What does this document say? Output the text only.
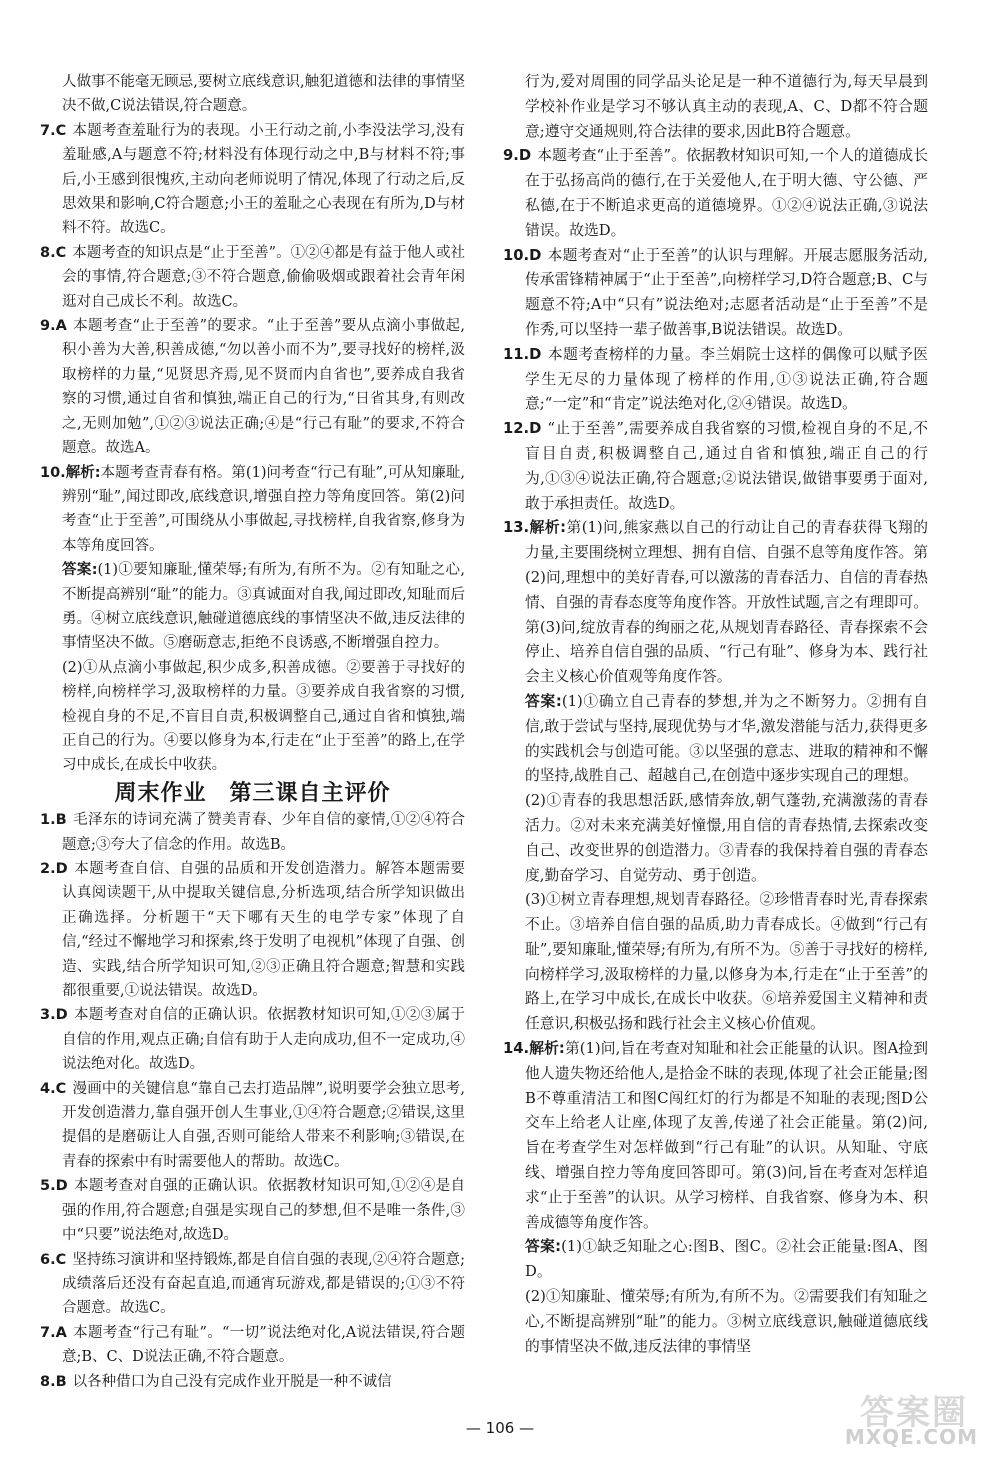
人做事不能毫无顾忌,要树立底线意识,触犯道德和法律的事情坚决不做,C说法错误,符合题意。
7.C 本题考查羞耻行为的表现。小王行动之前,小李没法学习,没有羞耻感,A与题意不符;材料没有体现行动之中,B与材料不符;事后,小王感到很愧疚,主动向老师说明了情况,体现了行动之后,反思效果和影响,C符合题意;小王的羞耻之心表现在有所为,D与材料不符。故选C。
8.C 本题考查的知识点是“止于至善”。①②④都是有益于他人或社会的事情,符合题意;③不符合题意,偷偷吸烟或跟着社会青年闲逛对自己成长不利。故选C。
9.A 本题考查“止于至善”的要求。“止于至善”要从点滴小事做起,积小善为大善,积善成德,“勿以善小而不为”,要寻找好的榜样,汲取榜样的力量,“见贤思齐焉,见不贤而内自省也”,要养成自我省察的习惯,通过自省和慎独,端正自己的行为,“日省其身,有则改之,无则加勉”,①②③说法正确;④是“行己有耻”的要求,不符合题意。故选A。
10.解析:本题考查青春有格。第(1)问考查“行己有耻”,可从知廉耻,辨别“耻”,闻过即改,底线意识,增强自控力等角度回答。第(2)问考查“止于至善”,可围绕从小事做起,寻找榜样,自我省察,修身为本等角度回答。
答案:(1)①要知廉耻,懂荣辱;有所为,有所不为。②有知耻之心,不断提高辨别“耻”的能力。③真诚面对自我,闻过即改,知耻而后勇。④树立底线意识,触碰道德底线的事情坚决不做,违反法律的事情坚决不做。⑤磨砺意志,拒绝不良诱惑,不断增强自控力。
(2)①从点滴小事做起,积少成多,积善成德。②要善于寻找好的榜样,向榜样学习,汲取榜样的力量。③要养成自我省察的习惯,检视自身的不足,不盲目自责,积极调整自己,通过自省和慎独,端正自己的行为。④要以修身为本,行走在“止于至善”的路上,在学习中成长,在成长中收获。
周末作业　第三课自主评价
1.B 毛泽东的诗词充满了赞美青春、少年自信的豪情,①②④符合题意;③夸大了信念的作用。故选B。
2.D 本题考查自信、自强的品质和开发创造潜力。解答本题需要认真阅读题干,从中提取关键信息,分析选项,结合所学知识做出正确选择。分析题干“天下哪有天生的电学专家”体现了自信,“经过不懈地学习和探索,终于发明了电视机”体现了自强、创造、实践,结合所学知识可知,②③正确且符合题意;智慧和实践都很重要,①说法错误。故选D。
3.D 本题考查对自信的正确认识。依据教材知识可知,①②③属于自信的作用,观点正确;自信有助于人走向成功,但不一定成功,④说法绝对化。故选D。
4.C 漫画中的关键信息“靠自己去打造品牌”,说明要学会独立思考,开发创造潜力,靠自强开创人生事业,①④符合题意;②错误,这里提倡的是磨砺让人自强,否则可能给人带来不利影响;③错误,在青春的探索中有时需要他人的帮助。故选C。
5.D 本题考查对自强的正确认识。依据教材知识可知,①②④是自强的作用,符合题意;自强是实现自己的梦想,但不是唯一条件,③中“只要”说法绝对,故选D。
6.C 坚持练习演讲和坚持锻炼,都是自信自强的表现,②④符合题意;成绩落后还没有奋起直追,而通宵玩游戏,都是错误的;①③不符合题意。故选C。
7.A 本题考查“行己有耻”。“一切”说法绝对化,A说法错误,符合题意;B、C、D说法正确,不符合题意。
8.B 以各种借口为自己没有完成作业开脱是一种不诚信
行为,爱对周围的同学品头论足是一种不道德行为,每天早晨到学校补作业是学习不够认真主动的表现,A、C、D都不符合题意;遵守交通规则,符合法律的要求,因此B符合题意。
9.D 本题考查“止于至善”。依据教材知识可知,一个人的道德成长在于弘扬高尚的德行,在于关爱他人,在于明大德、守公德、严私德,在于不断追求更高的道德境界。①②④说法正确,③说法错误。故选D。
10.D 本题考查对“止于至善”的认识与理解。开展志愿服务活动,传承雷锋精神属于“止于至善”,向榜样学习,D符合题意;B、C与题意不符;A中“只有”说法绝对;志愿者活动是“止于至善”不是作秀,可以坚持一辈子做善事,B说法错误。故选D。
11.D 本题考查榜样的力量。李兰娟院士这样的偶像可以赋予医学生无尽的力量体现了榜样的作用,①③说法正确,符合题意;“一定”和“肯定”说法绝对化,②④错误。故选D。
12.D “止于至善”,需要养成自我省察的习惯,检视自身的不足,不盲目自责,积极调整自己,通过自省和慎独,端正自己的行为,①③④说法正确,符合题意;②说法错误,做错事要勇于面对,敢于承担责任。故选D。
13.解析:第(1)问,熊家燕以自己的行动让自己的青春获得飞翔的力量,主要围绕树立理想、拥有自信、自强不息等角度作答。第(2)问,理想中的美好青春,可以激荡的青春活力、自信的青春热情、自强的青春态度等角度作答。开放性试题,言之有理即可。第(3)问,绽放青春的绚丽之花,从规划青春路径、青春探索不会停止、培养自信自强的品质、“行己有耻”、修身为本、践行社会主义核心价值观等角度作答。
答案:(1)①确立自己青春的梦想,并为之不断努力。②拥有自信,敢于尝试与坚持,展现优势与才华,激发潜能与活力,获得更多的实践机会与创造可能。③以坚强的意志、进取的精神和不懈的坚持,战胜自己、超越自己,在创造中逐步实现自己的理想。
(2)①青春的我思想活跃,感情奔放,朝气蓬勃,充满激荡的青春活力。②对未来充满美好憧憬,用自信的青春热情,去探索改变自己、改变世界的创造潜力。③青春的我保持着自强的青春态度,勤奋学习、自觉劳动、勇于创造。
(3)①树立青春理想,规划青春路径。②珍惜青春时光,青春探索不止。③培养自信自强的品质,助力青春成长。④做到“行己有耻”,要知廉耻,懂荣辱;有所为,有所不为。⑤善于寻找好的榜样,向榜样学习,汲取榜样的力量,以修身为本,行走在“止于至善”的路上,在学习中成长,在成长中收获。⑥培养爱国主义精神和责任意识,积极弘扬和践行社会主义核心价值观。
14.解析:第(1)问,旨在考查对知耻和社会正能量的认识。图A捡到他人遗失物还给他人,是拾金不昧的表现,体现了社会正能量;图B不尊重清洁工和图C闯红灯的行为都是不知耻的表现;图D公交车上给老人让座,体现了友善,传递了社会正能量。第(2)问,旨在考查学生对怎样做到“行己有耻”的认识。从知耻、守底线、增强自控力等角度回答即可。第(3)问,旨在考查对怎样追求“止于至善”的认识。从学习榜样、自我省察、修身为本、积善成德等角度作答。
答案:(1)①缺乏知耻之心:图B、图C。②社会正能量:图A、图D。
(2)①知廉耻、懂荣辱;有所为,有所不为。②需要我们有知耻之心,不断提高辨别“耻”的能力。③树立底线意识,触碰道德底线的事情坚决不做,违反法律的事情坚
— 106 —	答案圈
MXQE.COM
